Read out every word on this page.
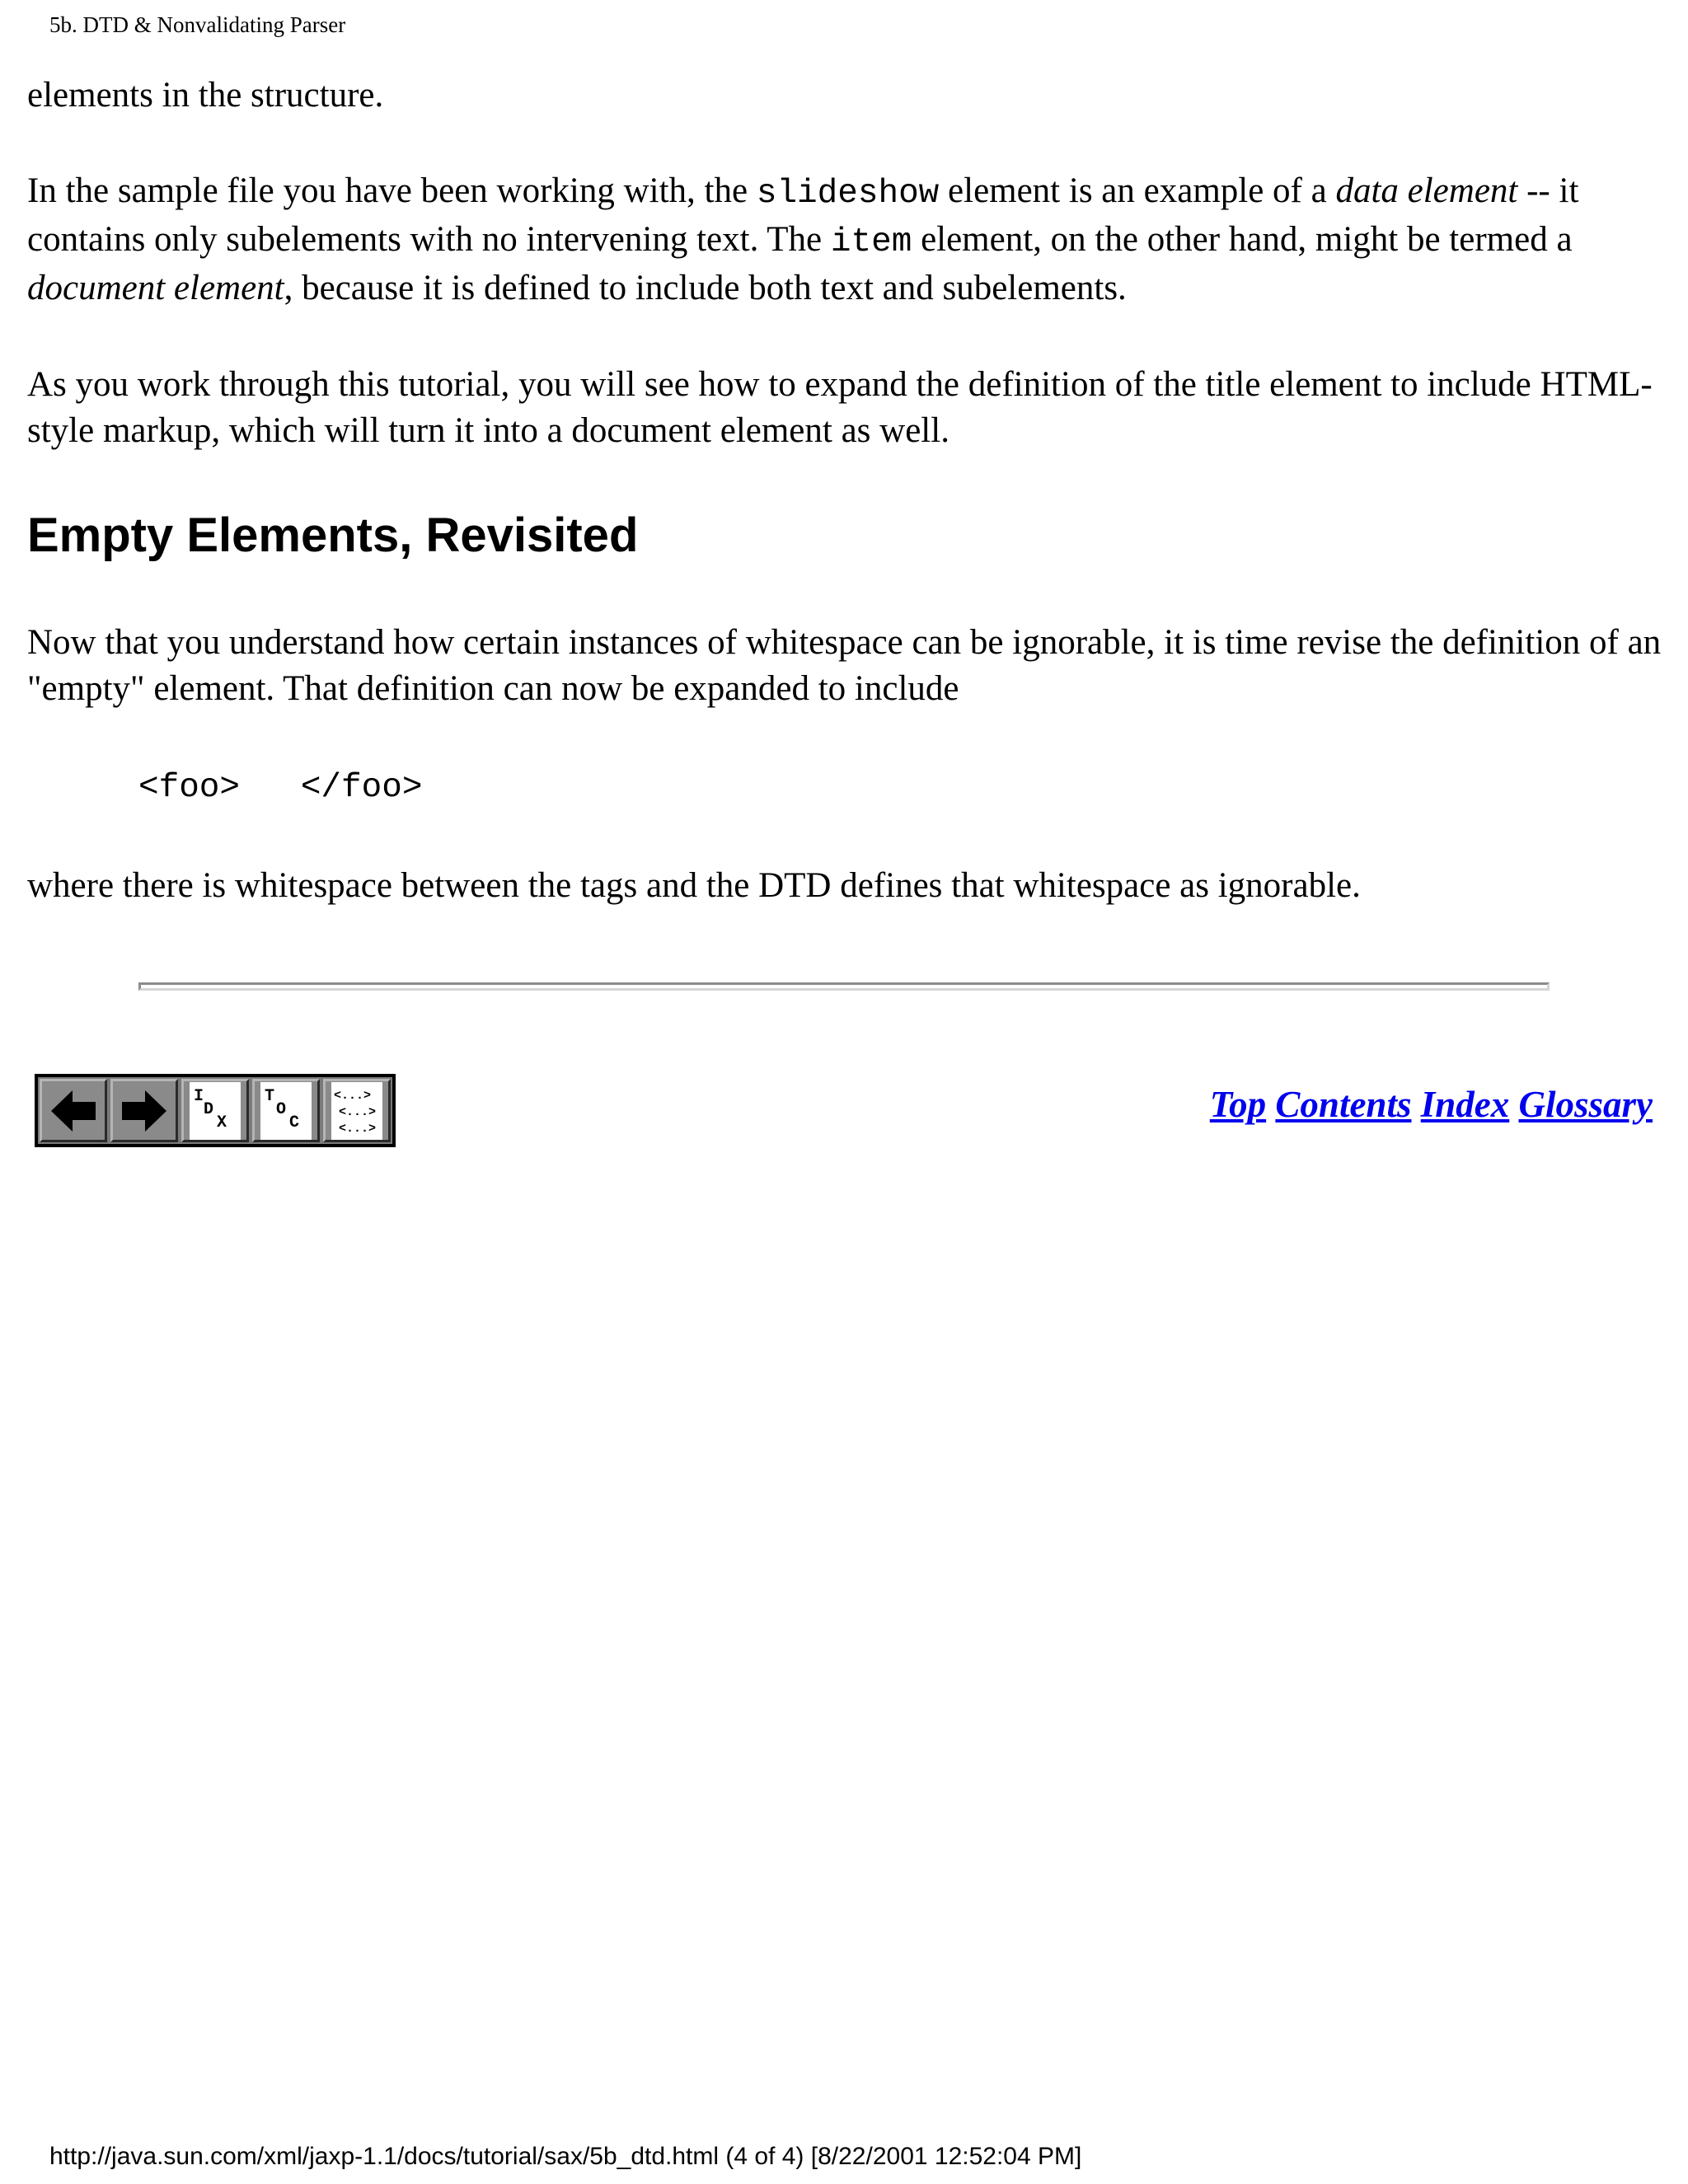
5b. DTD & Nonvalidating Parser

elements in the structure.

In the sample file you have been working with, the slideshow element is an example of a data element -- it contains only subelements with no intervening text. The item element, on the other hand, might be termed a document element, because it is defined to include both text and subelements.

As you work through this tutorial, you will see how to expand the definition of the title element to include HTML-style markup, which will turn it into a document element as well.

Empty Elements, Revisited

Now that you understand how certain instances of whitespace can be ignorable, it is time revise the definition of an "empty" element. That definition can now be expanded to include

<foo>   </foo>

where there is whitespace between the tags and the DTD defines that whitespace as ignorable.

I
D
X
T
O
C
<...>
<...>
<...>
Top Contents Index Glossary
http://java.sun.com/xml/jaxp-1.1/docs/tutorial/sax/5b_dtd.html (4 of 4) [8/22/2001 12:52:04 PM]
